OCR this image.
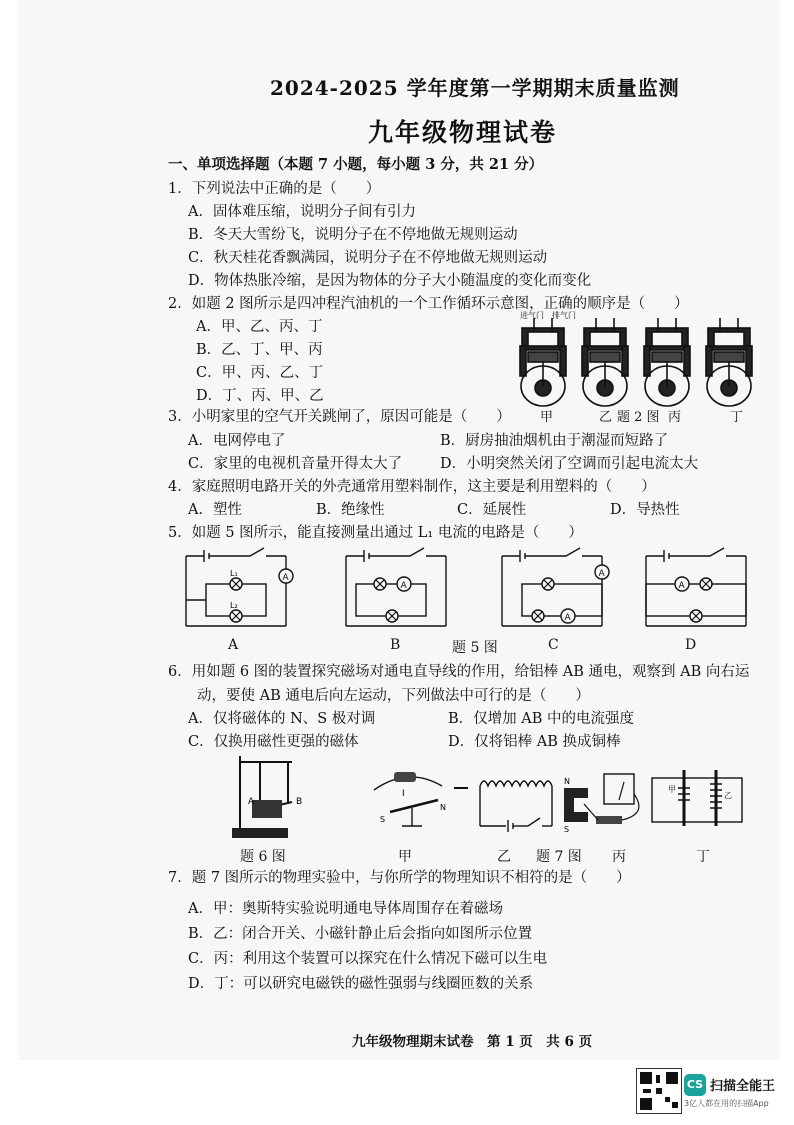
2024-2025 学年度第一学期期末质量监测
九年级物理试卷
一、单项选择题（本题 7 小题，每小题 3 分，共 21 分）
1．下列说法中正确的是（　　）
A．固体难压缩，说明分子间有引力
B．冬天大雪纷飞，说明分子在不停地做无规则运动
C．秋天桂花香飘满园，说明分子在不停地做无规则运动
D．物体热胀冷缩，是因为物体的分子大小随温度的变化而变化
2．如题 2 图所示是四冲程汽油机的一个工作循环示意图，正确的顺序是（　　）
A．甲、乙、丙、丁
B．乙、丁、甲、丙
C．甲、丙、乙、丁
D．丁、丙、甲、乙
进气门 排气门
甲	乙 题 2 图 丙	丁
3．小明家里的空气开关跳闸了，原因可能是（　　）
A．电网停电了	B．厨房抽油烟机由于潮湿而短路了
C．家里的电视机音量开得太大了	D．小明突然关闭了空调而引起电流太大
4．家庭照明电路开关的外壳通常用塑料制作，这主要是利用塑料的（　　）
A．塑性	B．绝缘性	C．延展性	D．导热性
5．如题 5 图所示，能直接测量出通过 L₁ 电流的电路是（　　）
A
L₁
L₂
A	B	题 5 图	C	D
6．用如题 6 图的装置探究磁场对通电直导线的作用，给铝棒 AB 通电，观察到 AB 向右运
动，要使 AB 通电后向左运动，下列做法中可行的是（　　）
A．仅将磁体的 N、S 极对调	B．仅增加 AB 中的电流强度
C．仅换用磁性更强的磁体	D．仅将铝棒 AB 换成铜棒
A	B
题 6 图
I
S
N
N
S
甲
乙
甲	乙 题 7 图 丙	丁
7．题 7 图所示的物理实验中，与你所学的物理知识不相符的是（　　）
A．甲：奥斯特实验说明通电导体周围存在着磁场
B．乙：闭合开关、小磁针静止后会指向如图所示位置
C．丙：利用这个装置可以探究在什么情况下磁可以生电
D．丁：可以研究电磁铁的磁性强弱与线圈匝数的关系
九年级物理期末试卷　第 1 页　共 6 页
CS 扫描全能王
3亿人都在用的扫描App
